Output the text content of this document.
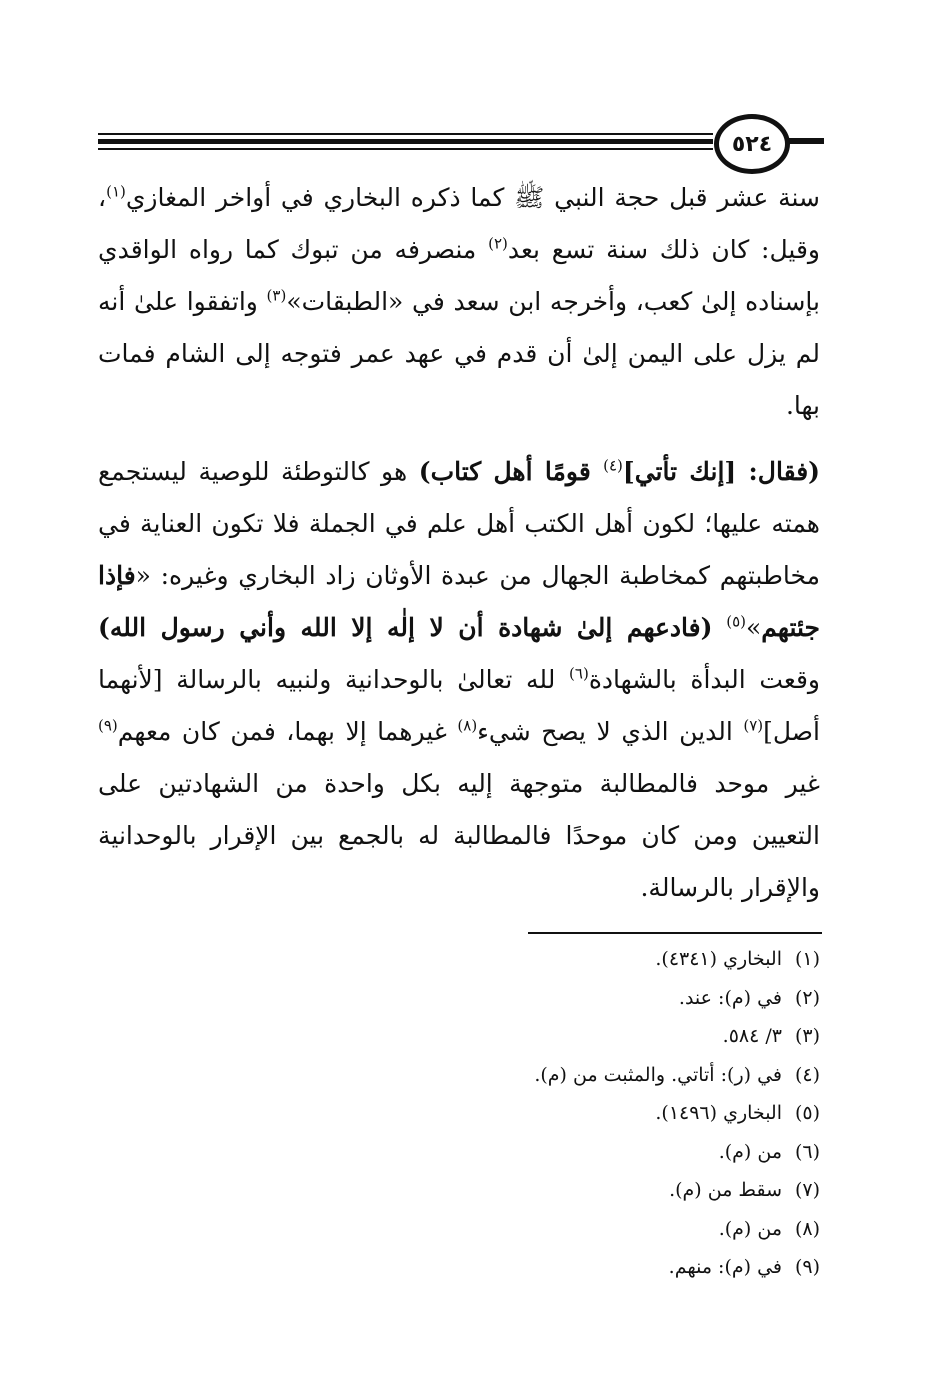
٥٢٤

سنة عشر قبل حجة النبي ﷺ كما ذكره البخاري في أواخر المغازي$^{(١)}$، وقيل: كان ذلك سنة تسع بعد$^{(٢)}$ منصرفه من تبوك كما رواه الواقدي بإسناده إلىٰ كعب، وأخرجه ابن سعد في «الطبقات»$^{(٣)}$ واتفقوا علىٰ أنه لم يزل على اليمن إلىٰ أن قدم في عهد عمر فتوجه إلى الشام فمات بها.

(فقال: [إنك تأتي]$^{(٤)}$ قومًا أهل كتاب) هو كالتوطئة للوصية ليستجمع همته عليها؛ لكون أهل الكتب أهل علم في الجملة فلا تكون العناية في مخاطبتهم كمخاطبة الجهال من عبدة الأوثان زاد البخاري وغيره: «فإذا جئتهم»$^{(٥)}$ (فادعهم إلىٰ شهادة أن لا إلٰه إلا الله وأني رسول الله) وقعت البدأة بالشهادة$^{(٦)}$ لله تعالىٰ بالوحدانية ولنبيه بالرسالة [لأنهما أصل]$^{(٧)}$ الدين الذي لا يصح شيء$^{(٨)}$ غيرهما إلا بهما، فمن كان معهم$^{(٩)}$ غير موحد فالمطالبة متوجهة إليه بكل واحدة من الشهادتين على التعيين ومن كان موحدًا فالمطالبة له بالجمع بين الإقرار بالوحدانية والإقرار بالرسالة.

(١)البخاري (٤٣٤١).
(٢)في (م): عند.
(٣)٣/ ٥٨٤.
(٤)في (ر): أتاتي. والمثبت من (م).
(٥)البخاري (١٤٩٦).
(٦)من (م).
(٧)سقط من (م).
(٨)من (م).
(٩)في (م): منهم.
